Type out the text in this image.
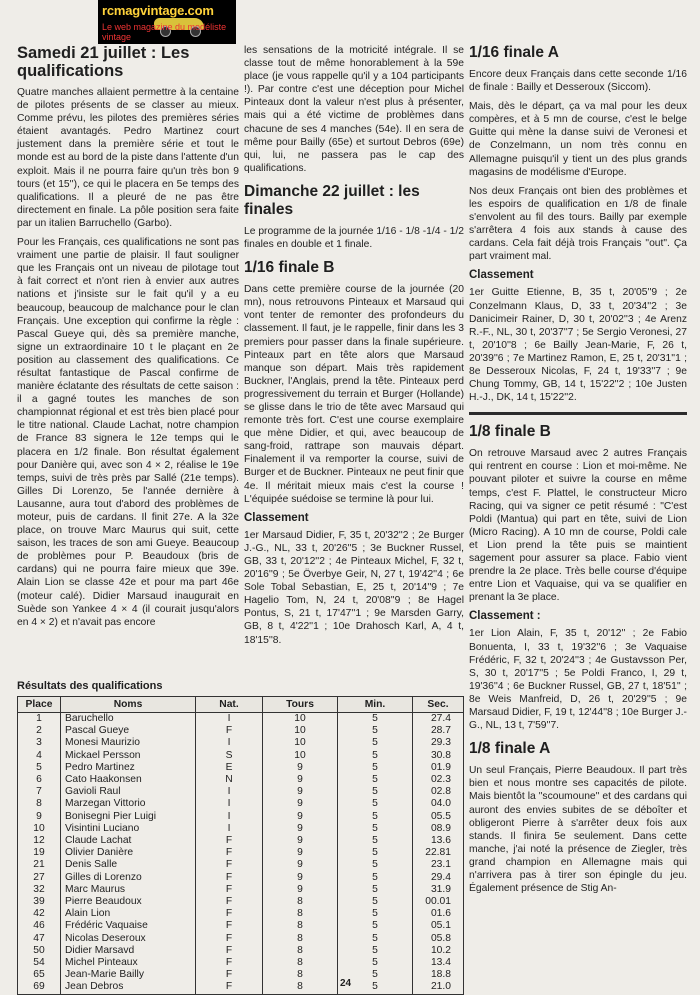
rcmagvintage.com
Le web magazine du modéliste vintage
Samedi 21 juillet : Les qualifications

Quatre manches allaient permettre à la centaine de pilotes présents de se classer au mieux. Comme prévu, les pilotes des premières séries étaient avantagés. Pedro Martinez court justement dans la première série et tout le monde est au bord de la piste dans l'attente d'un exploit. Mais il ne pourra faire qu'un très bon 9 tours (et 15''), ce qui le placera en 5e temps des qualifications. Il a pleuré de ne pas être directement en finale. La pôle position sera faite par un italien Barruchello (Garbo).

Pour les Français, ces qualifications ne sont pas vraiment une partie de plaisir. Il faut souligner que les Français ont un niveau de pilotage tout à fait correct et n'ont rien à envier aux autres nations et j'insiste sur le fait qu'il y a eu beaucoup, beaucoup de malchance pour le clan Français. Une exception qui confirme la règle : Pascal Gueye qui, dès sa première manche, signe un extraordinaire 10 t le plaçant en 2e position au classement des qualifications. Ce résultat fantastique de Pascal confirme de manière éclatante des résultats de cette saison : il a gagné toutes les manches de son championnat régional et est très bien placé pour le titre national. Claude Lachat, notre champion de France 83 signera le 12e temps qui le placera en 1/2 finale. Bon résultat également pour Danière qui, avec son 4 × 2, réalise le 19e temps, suivi de très près par Sallé (21e temps). Gilles Di Lorenzo, 5e l'année dernière à Lausanne, aura tout d'abord des problèmes de moteur, puis de cardans. Il finit 27e. A la 32e place, on trouve Marc Maurus qui suit, cette saison, les traces de son ami Gueye. Beaucoup de problèmes pour P. Beaudoux (bris de cardans) qui ne pourra faire mieux que 39e. Alain Lion se classe 42e et pour ma part 46e (moteur calé). Didier Marsaud inaugurait en Suède son Yankee 4 × 4 (il courait jusqu'alors en 4 × 2) et n'avait pas encore

les sensations de la motricité intégrale. Il se classe tout de même honorablement à la 59e place (je vous rappelle qu'il y a 104 participants !). Par contre c'est une déception pour Michel Pinteaux dont la valeur n'est plus à présenter, mais qui a été victime de problèmes dans chacune de ses 4 manches (54e). Il en sera de même pour Bailly (65e) et surtout Debros (69e) qui, lui, ne passera pas le cap des qualifications.

Dimanche 22 juillet : les finales

Le programme de la journée 1/16 - 1/8 -1/4 - 1/2 finales en double et 1 finale.

1/16 finale B

Dans cette première course de la journée (20 mn), nous retrouvons Pinteaux et Marsaud qui vont tenter de remonter des profondeurs du classement. Il faut, je le rappelle, finir dans les 3 premiers pour passer dans la finale supérieure. Pinteaux part en tête alors que Marsaud manque son départ. Mais très rapidement Buckner, l'Anglais, prend la tête. Pinteaux perd progressivement du terrain et Burger (Hollande) se glisse dans le trio de tête avec Marsaud qui remonte très fort. C'est une course exemplaire que mène Didier, et qui, avec beaucoup de sang-froid, rattrape son mauvais départ. Finalement il va remporter la course, suivi de Burger et de Buckner. Pinteaux ne peut finir que 4e. Il méritait mieux mais c'est la course ! L'équipée suédoise se termine là pour lui.

Classement

1er Marsaud Didier, F, 35 t, 20'32''2 ; 2e Burger J.-G., NL, 33 t, 20'26''5 ; 3e Buckner Russel, GB, 33 t, 20'12''2 ; 4e Pinteaux Michel, F, 32 t, 20'16''9 ; 5e Överbye Geir, N, 27 t, 19'42''4 ; 6e Sole Tobal Sebastian, E, 25 t, 20'14''9 ; 7e Hagelio Tom, N, 24 t, 20'08''9 ; 8e Hagel Pontus, S, 21 t, 17'47''1 ; 9e Marsden Garry, GB, 8 t, 4'22''1 ; 10e Drahosch Karl, A, 4 t, 18'15''8.

1/16 finale A

Encore deux Français dans cette seconde 1/16 de finale : Bailly et Desseroux (Siccom).

Mais, dès le départ, ça va mal pour les deux compères, et à 5 mn de course, c'est le belge Guitte qui mène la danse suivi de Veronesi et de Conzelmann, un nom très connu en Allemagne puisqu'il y tient un des plus grands magasins de modélisme d'Europe.

Nos deux Français ont bien des problèmes et les espoirs de qualification en 1/8 de finale s'envolent au fil des tours. Bailly par exemple s'arrêtera 4 fois aux stands à cause des cardans. Cela fait déjà trois Français "out". Ça part vraiment mal.

Classement

1er Guitte Etienne, B, 35 t, 20'05''9 ; 2e Conzelmann Klaus, D, 33 t, 20'34''2 ; 3e Danicimeir Rainer, D, 30 t, 20'02''3 ; 4e Arenz R.-F., NL, 30 t, 20'37''7 ; 5e Sergio Veronesi, 27 t, 20'10''8 ; 6e Bailly Jean-Marie, F, 26 t, 20'39''6 ; 7e Martinez Ramon, E, 25 t, 20'31''1 ; 8e Desseroux Nicolas, F, 24 t, 19'33''7 ; 9e Chung Tommy, GB, 14 t, 15'22''2 ; 10e Justen H.-J., DK, 14 t, 15'22''2.

1/8 finale B

On retrouve Marsaud avec 2 autres Français qui rentrent en course : Lion et moi-même. Ne pouvant piloter et suivre la course en même temps, c'est F. Plattel, le constructeur Micro Racing, qui va signer ce petit résumé : "C'est Poldi (Mantua) qui part en tête, suivi de Lion (Micro Racing). A 10 mn de course, Poldi cale et Lion prend la tête puis se maintient sagement pour assurer sa place. Fabio vient prendre la 2e place. Très belle course d'équipe entre Lion et Vaquaise, qui va se qualifier en prenant la 3e place.

Classement :

1er Lion Alain, F, 35 t, 20'12'' ; 2e Fabio Bonuenta, I, 33 t, 19'32''6 ; 3e Vaquaise Frédéric, F, 32 t, 20'24''3 ; 4e Gustavsson Per, S, 30 t, 20'17''5 ; 5e Poldi Franco, I, 29 t, 19'36''4 ; 6e Buckner Russel, GB, 27 t, 18'51'' ; 8e Weis Manfreid, D, 26 t, 20'29''5 ; 9e Marsaud Didier, F, 19 t, 12'44''8 ; 10e Burger J.-G., NL, 13 t, 7'59''7.

1/8 finale A

Un seul Français, Pierre Beaudoux. Il part très bien et nous montre ses capacités de pilote. Mais bientôt la "scoumoune" et des cardans qui auront des envies subites de se déboîter et obligeront Pierre à s'arrêter deux fois aux stands. Il finira 5e seulement. Dans cette manche, j'ai noté la présence de Ziegler, très grand champion en Allemagne mais qui n'arrivera pas à tirer son épingle du jeu. Également présence de Stig An-

Résultats des qualifications
Place	Noms	Nat.	Tours	Min.	Sec.
1	Baruchello	I	10	5	27.4
2	Pascal Gueye	F	10	5	28.7
3	Monesi Maurizio	I	10	5	29.3
4	Mickael Persson	S	10	5	30.8
5	Pedro Martinez	E	9	5	01.9
6	Cato Haakonsen	N	9	5	02.3
7	Gavioli Raul	I	9	5	02.8
8	Marzegan Vittorio	I	9	5	04.0
9	Bonisegni Pier Luigi	I	9	5	05.5
10	Visintini Luciano	I	9	5	08.9
12	Claude Lachat	F	9	5	13.6
19	Olivier Danière	F	9	5	22.81
21	Denis Salle	F	9	5	23.1
27	Gilles di Lorenzo	F	9	5	29.4
32	Marc Maurus	F	9	5	31.9
39	Pierre Beaudoux	F	8	5	00.01
42	Alain Lion	F	8	5	01.6
46	Frédéric Vaquaise	F	8	5	05.1
47	Nicolas Deseroux	F	8	5	05.8
50	Didier Marsavd	F	8	5	10.2
54	Michel Pinteaux	F	8	5	13.4
65	Jean-Marie Bailly	F	8	5	18.8
69	Jean Debros	F	8	5	21.0
24
